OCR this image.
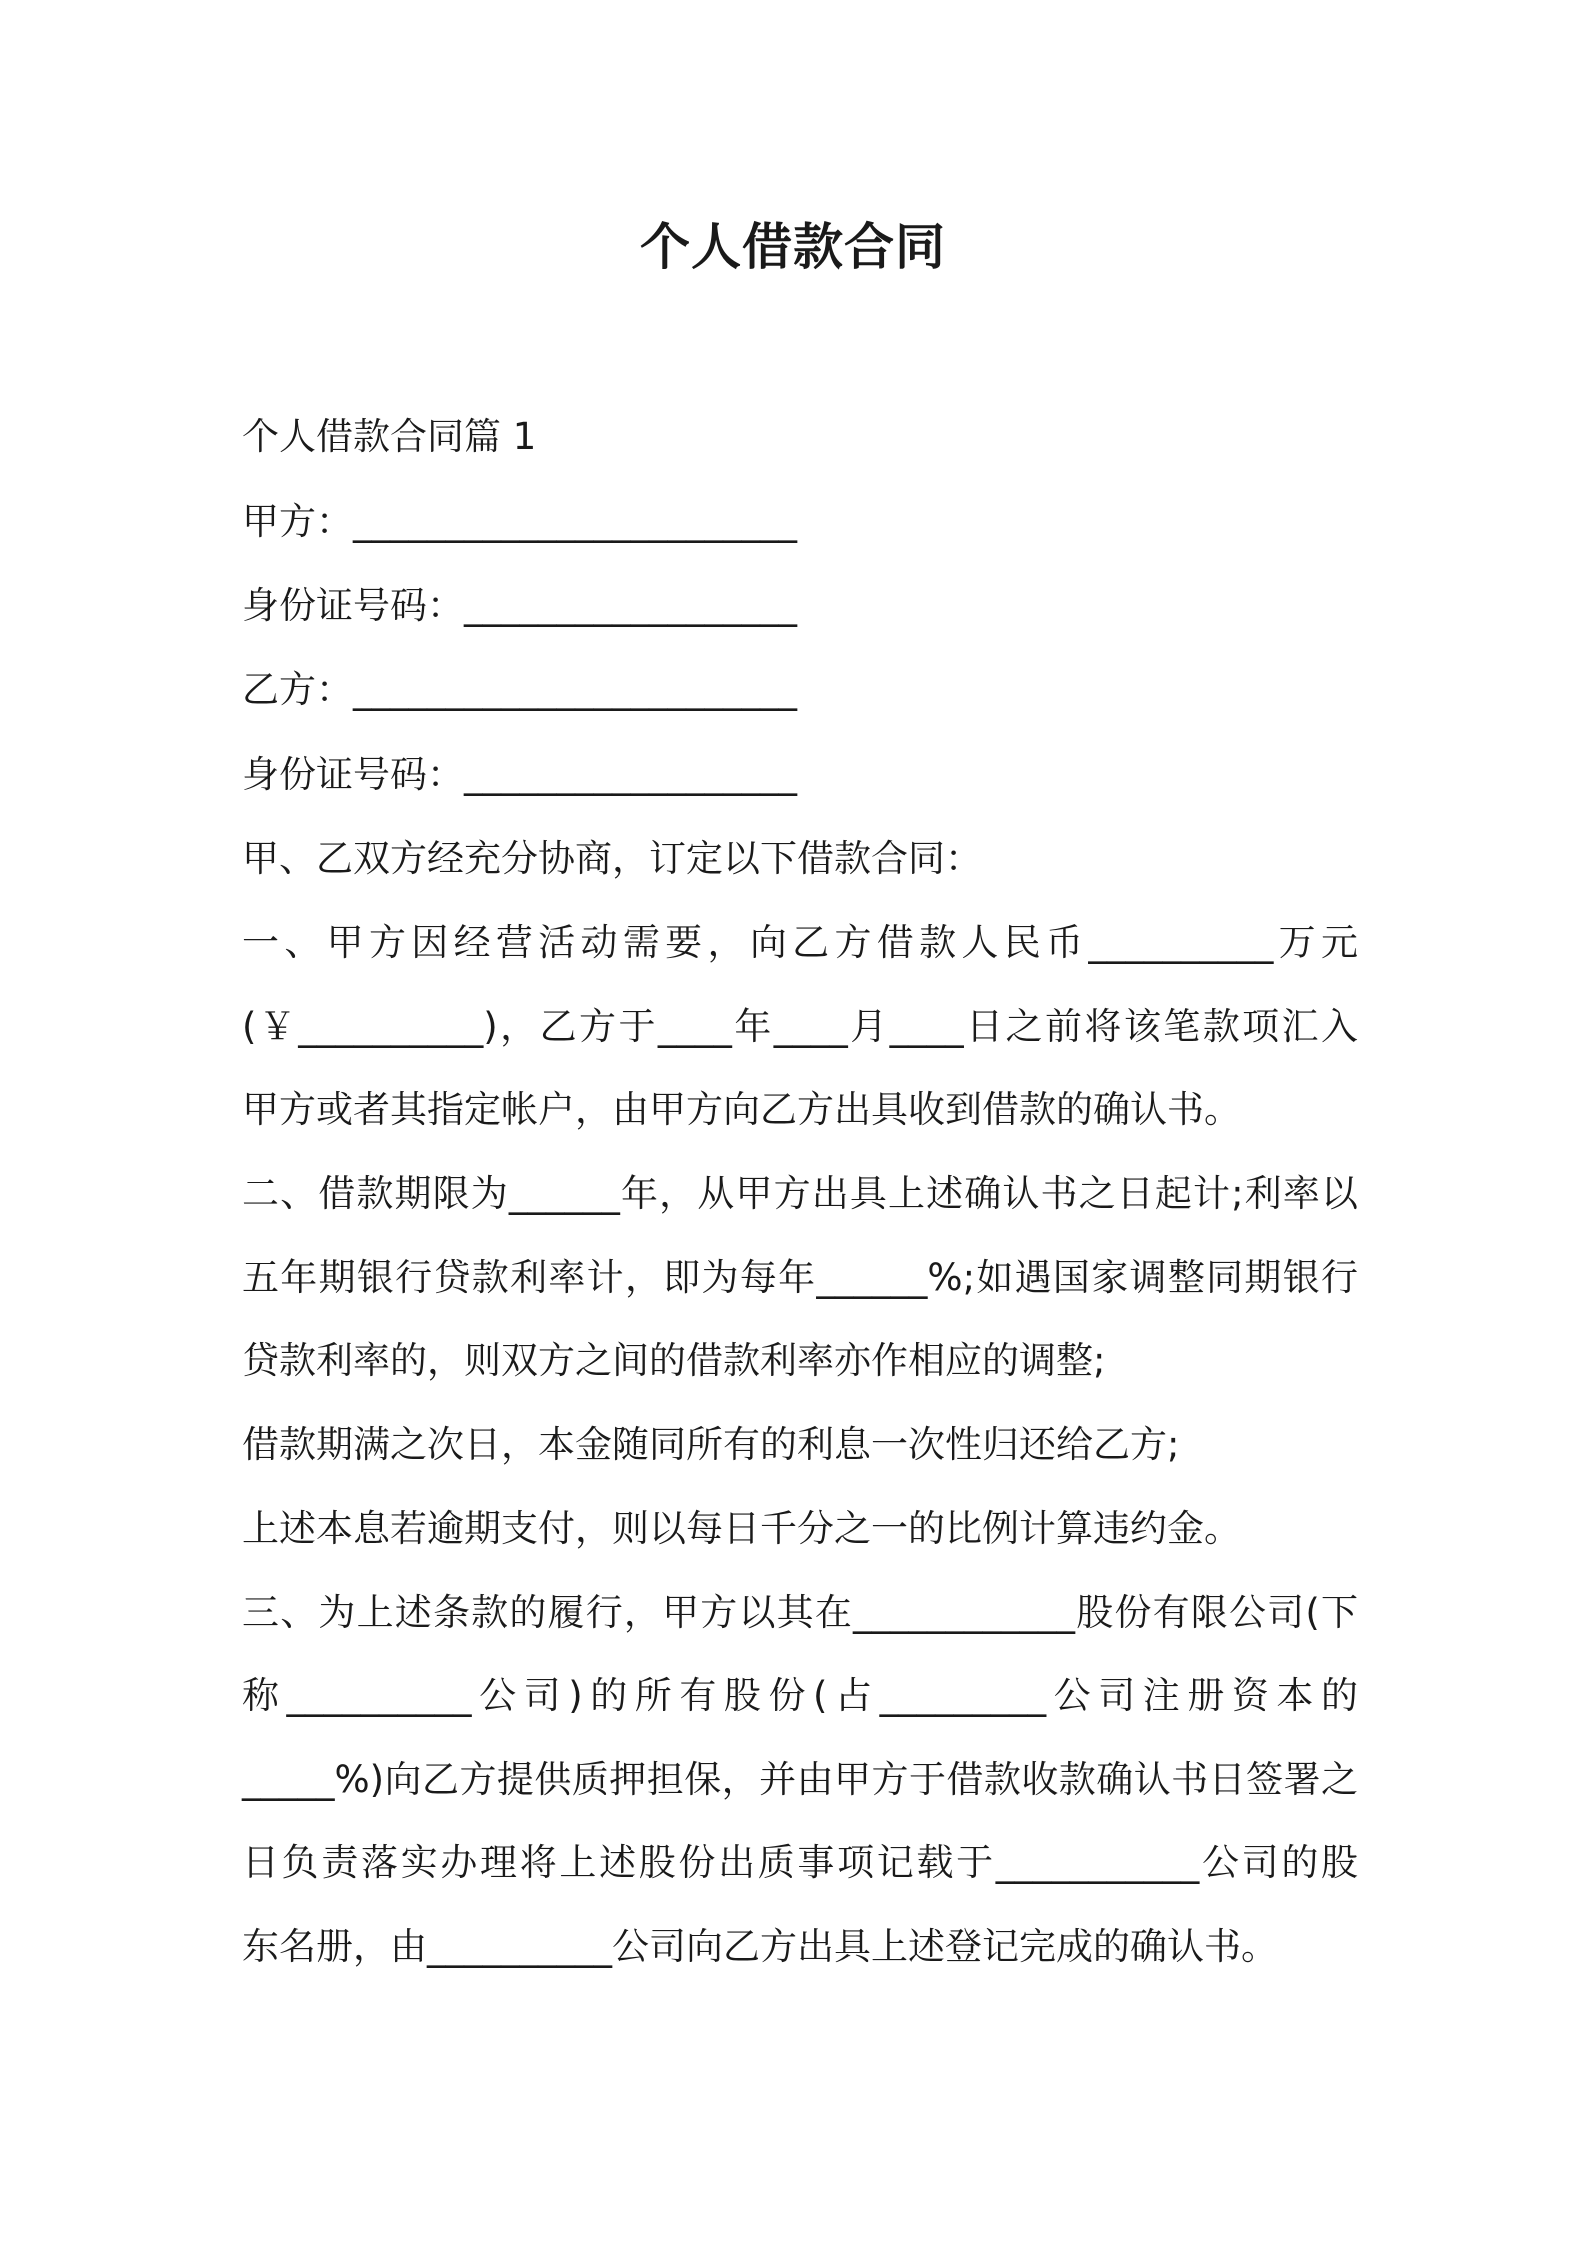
个人借款合同
个人借款合同篇 1
甲方：________________________
身份证号码：__________________
乙方：________________________
身份证号码：__________________
甲、乙双方经充分协商，订定以下借款合同：
一、甲方因经营活动需要，向乙方借款人民币__________万元
(￥__________)，乙方于____年____月____日之前将该笔款项汇入
甲方或者其指定帐户，由甲方向乙方出具收到借款的确认书。
二、借款期限为______年，从甲方出具上述确认书之日起计;利率以
五年期银行贷款利率计，即为每年______%;如遇国家调整同期银行
贷款利率的，则双方之间的借款利率亦作相应的调整;
借款期满之次日，本金随同所有的利息一次性归还给乙方;
上述本息若逾期支付，则以每日千分之一的比例计算违约金。
三、为上述条款的履行，甲方以其在____________股份有限公司(下
称__________公司)的所有股份(占_________公司注册资本的
_____%)向乙方提供质押担保，并由甲方于借款收款确认书日签署之
日负责落实办理将上述股份出质事项记载于___________公司的股
东名册，由__________公司向乙方出具上述登记完成的确认书。
